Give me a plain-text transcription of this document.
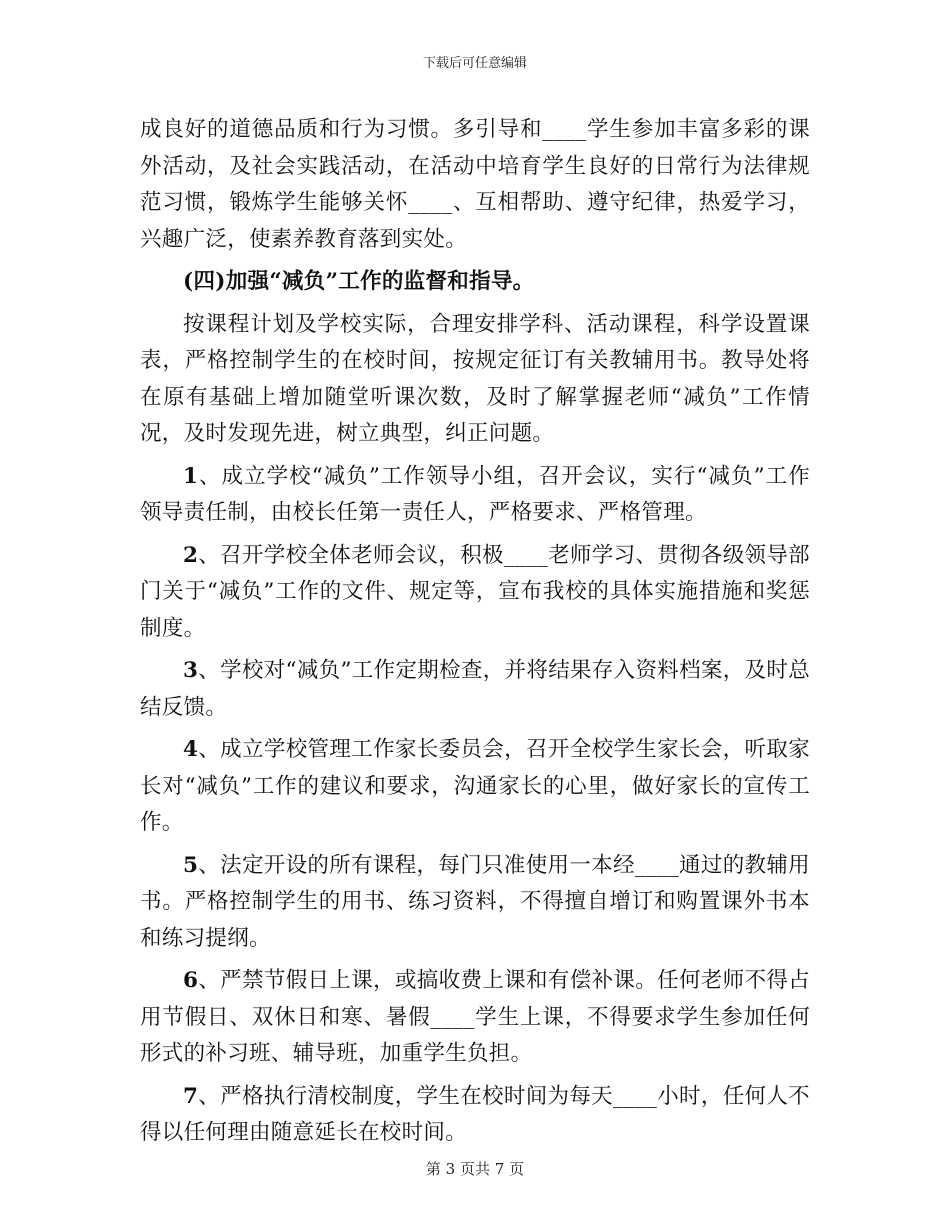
下载后可任意编辑

成良好的道德品质和行为习惯。多引导和____学生参加丰富多彩的课外活动，及社会实践活动，在活动中培育学生良好的日常行为法律规范习惯，锻炼学生能够关怀____、互相帮助、遵守纪律，热爱学习，兴趣广泛，使素养教育落到实处。

(四)加强“减负”工作的监督和指导。

按课程计划及学校实际，合理安排学科、活动课程，科学设置课表，严格控制学生的在校时间，按规定征订有关教辅用书。教导处将在原有基础上增加随堂听课次数，及时了解掌握老师“减负”工作情况，及时发现先进，树立典型，纠正问题。

1、成立学校“减负”工作领导小组，召开会议，实行“减负”工作领导责任制，由校长任第一责任人，严格要求、严格管理。

2、召开学校全体老师会议，积极____老师学习、贯彻各级领导部门关于“减负”工作的文件、规定等，宣布我校的具体实施措施和奖惩制度。

3、学校对“减负”工作定期检查，并将结果存入资料档案，及时总结反馈。

4、成立学校管理工作家长委员会，召开全校学生家长会，听取家长对“减负”工作的建议和要求，沟通家长的心里，做好家长的宣传工作。

5、法定开设的所有课程，每门只准使用一本经____通过的教辅用书。严格控制学生的用书、练习资料，不得擅自增订和购置课外书本和练习提纲。

6、严禁节假日上课，或搞收费上课和有偿补课。任何老师不得占用节假日、双休日和寒、暑假____学生上课，不得要求学生参加任何形式的补习班、辅导班，加重学生负担。

7、严格执行清校制度，学生在校时间为每天____小时，任何人不得以任何理由随意延长在校时间。

第 3 页共 7 页
